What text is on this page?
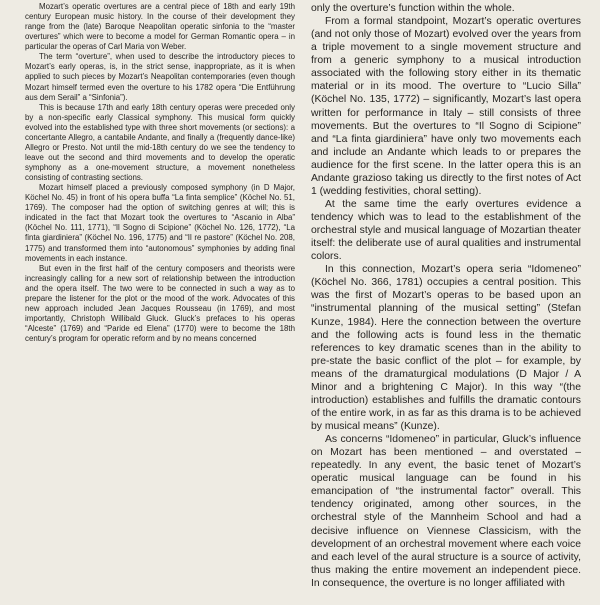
Mozart’s operatic overtures are a central piece of 18th and early 19th century European music history. In the course of their development they range from the (late) Baroque Neapolitan operatic sinfonia to the “master overtures” which were to become a model for German Romantic opera – in particular the operas of Carl Maria von Weber.

The term “overture”, when used to describe the introductory pieces to Mozart’s early operas, is, in the strict sense, inappropriate, as it is when applied to such pieces by Mozart’s Neapolitan contemporaries (even though Mozart himself termed even the overture to his 1782 opera “Die Entführung aus dem Serail” a “Sinfonia”).

This is because 17th and early 18th century operas were preceded only by a non-specific early Classical symphony. This musical form quickly evolved into the established type with three short movements (or sections): a concertante Allegro, a cantabile Andante, and finally a (frequently dance-like) Allegro or Presto. Not until the mid-18th century do we see the tendency to leave out the second and third movements and to develop the operatic symphony as a one-movement structure, a movement nonetheless consisting of contrasting sections.

Mozart himself placed a previously composed symphony (in D Major, Köchel No. 45) in front of his opera buffa “La finta semplice” (Köchel No. 51, 1769). The composer had the option of switching genres at will; this is indicated in the fact that Mozart took the overtures to “Ascanio in Alba” (Köchel No. 111, 1771), “Il Sogno di Scipione” (Köchel No. 126, 1772), “La finta giardiniera” (Köchel No. 196, 1775) and “Il re pastore” (Köchel No. 208, 1775) and transformed them into “autonomous” symphonies by adding final movements in each instance.

But even in the first half of the century composers and theorists were increasingly calling for a new sort of relationship between the introduction and the opera itself. The two were to be connected in such a way as to prepare the listener for the plot or the mood of the work. Advocates of this new approach included Jean Jacques Rousseau (in 1769), and most importantly, Christoph Willibald Gluck. Gluck’s prefaces to his operas “Alceste” (1769) and “Paride ed Elena” (1770) were to become the 18th century’s program for operatic reform and by no means concerned

only the overture’s function within the whole.

From a formal standpoint, Mozart’s operatic overtures (and not only those of Mozart) evolved over the years from a triple movement to a single movement structure and from a generic symphony to a musical introduction associated with the following story either in its thematic material or in its mood. The overture to “Lucio Silla” (Köchel No. 135, 1772) – significantly, Mozart’s last opera written for performance in Italy – still consists of three movements. But the overtures to “Il Sogno di Scipione” and “La finta giardiniera” have only two movements each and include an Andante which leads to or prepares the audience for the first scene. In the latter opera this is an Andante grazioso taking us directly to the first notes of Act 1 (wedding festivities, choral setting).

At the same time the early overtures evidence a tendency which was to lead to the establishment of the orchestral style and musical language of Mozartian theater itself: the deliberate use of aural qualities and instrumental colors.

In this connection, Mozart’s opera seria “Idomeneo” (Köchel No. 366, 1781) occupies a central position. This was the first of Mozart’s operas to be based upon an “instrumental planning of the musical setting” (Stefan Kunze, 1984). Here the connection between the overture and the following acts is found less in the thematic references to key dramatic scenes than in the ability to pre-state the basic conflict of the plot – for example, by means of the dramaturgical modulations (D Major / A Minor and a brightening C Major). In this way “(the introduction) establishes and fulfills the dramatic contours of the entire work, in as far as this drama is to be achieved by musical means” (Kunze).

As concerns “Idomeneo” in particular, Gluck’s influence on Mozart has been mentioned – and overstated – repeatedly. In any event, the basic tenet of Mozart’s operatic musical language can be found in his emancipation of “the instrumental factor” overall. This tendency originated, among other sources, in the orchestral style of the Mannheim School and had a decisive influence on Viennese Classicism, with the development of an orchestral movement where each voice and each level of the aural structure is a source of activity, thus making the entire movement an independent piece. In consequence, the overture is no longer affiliated with
